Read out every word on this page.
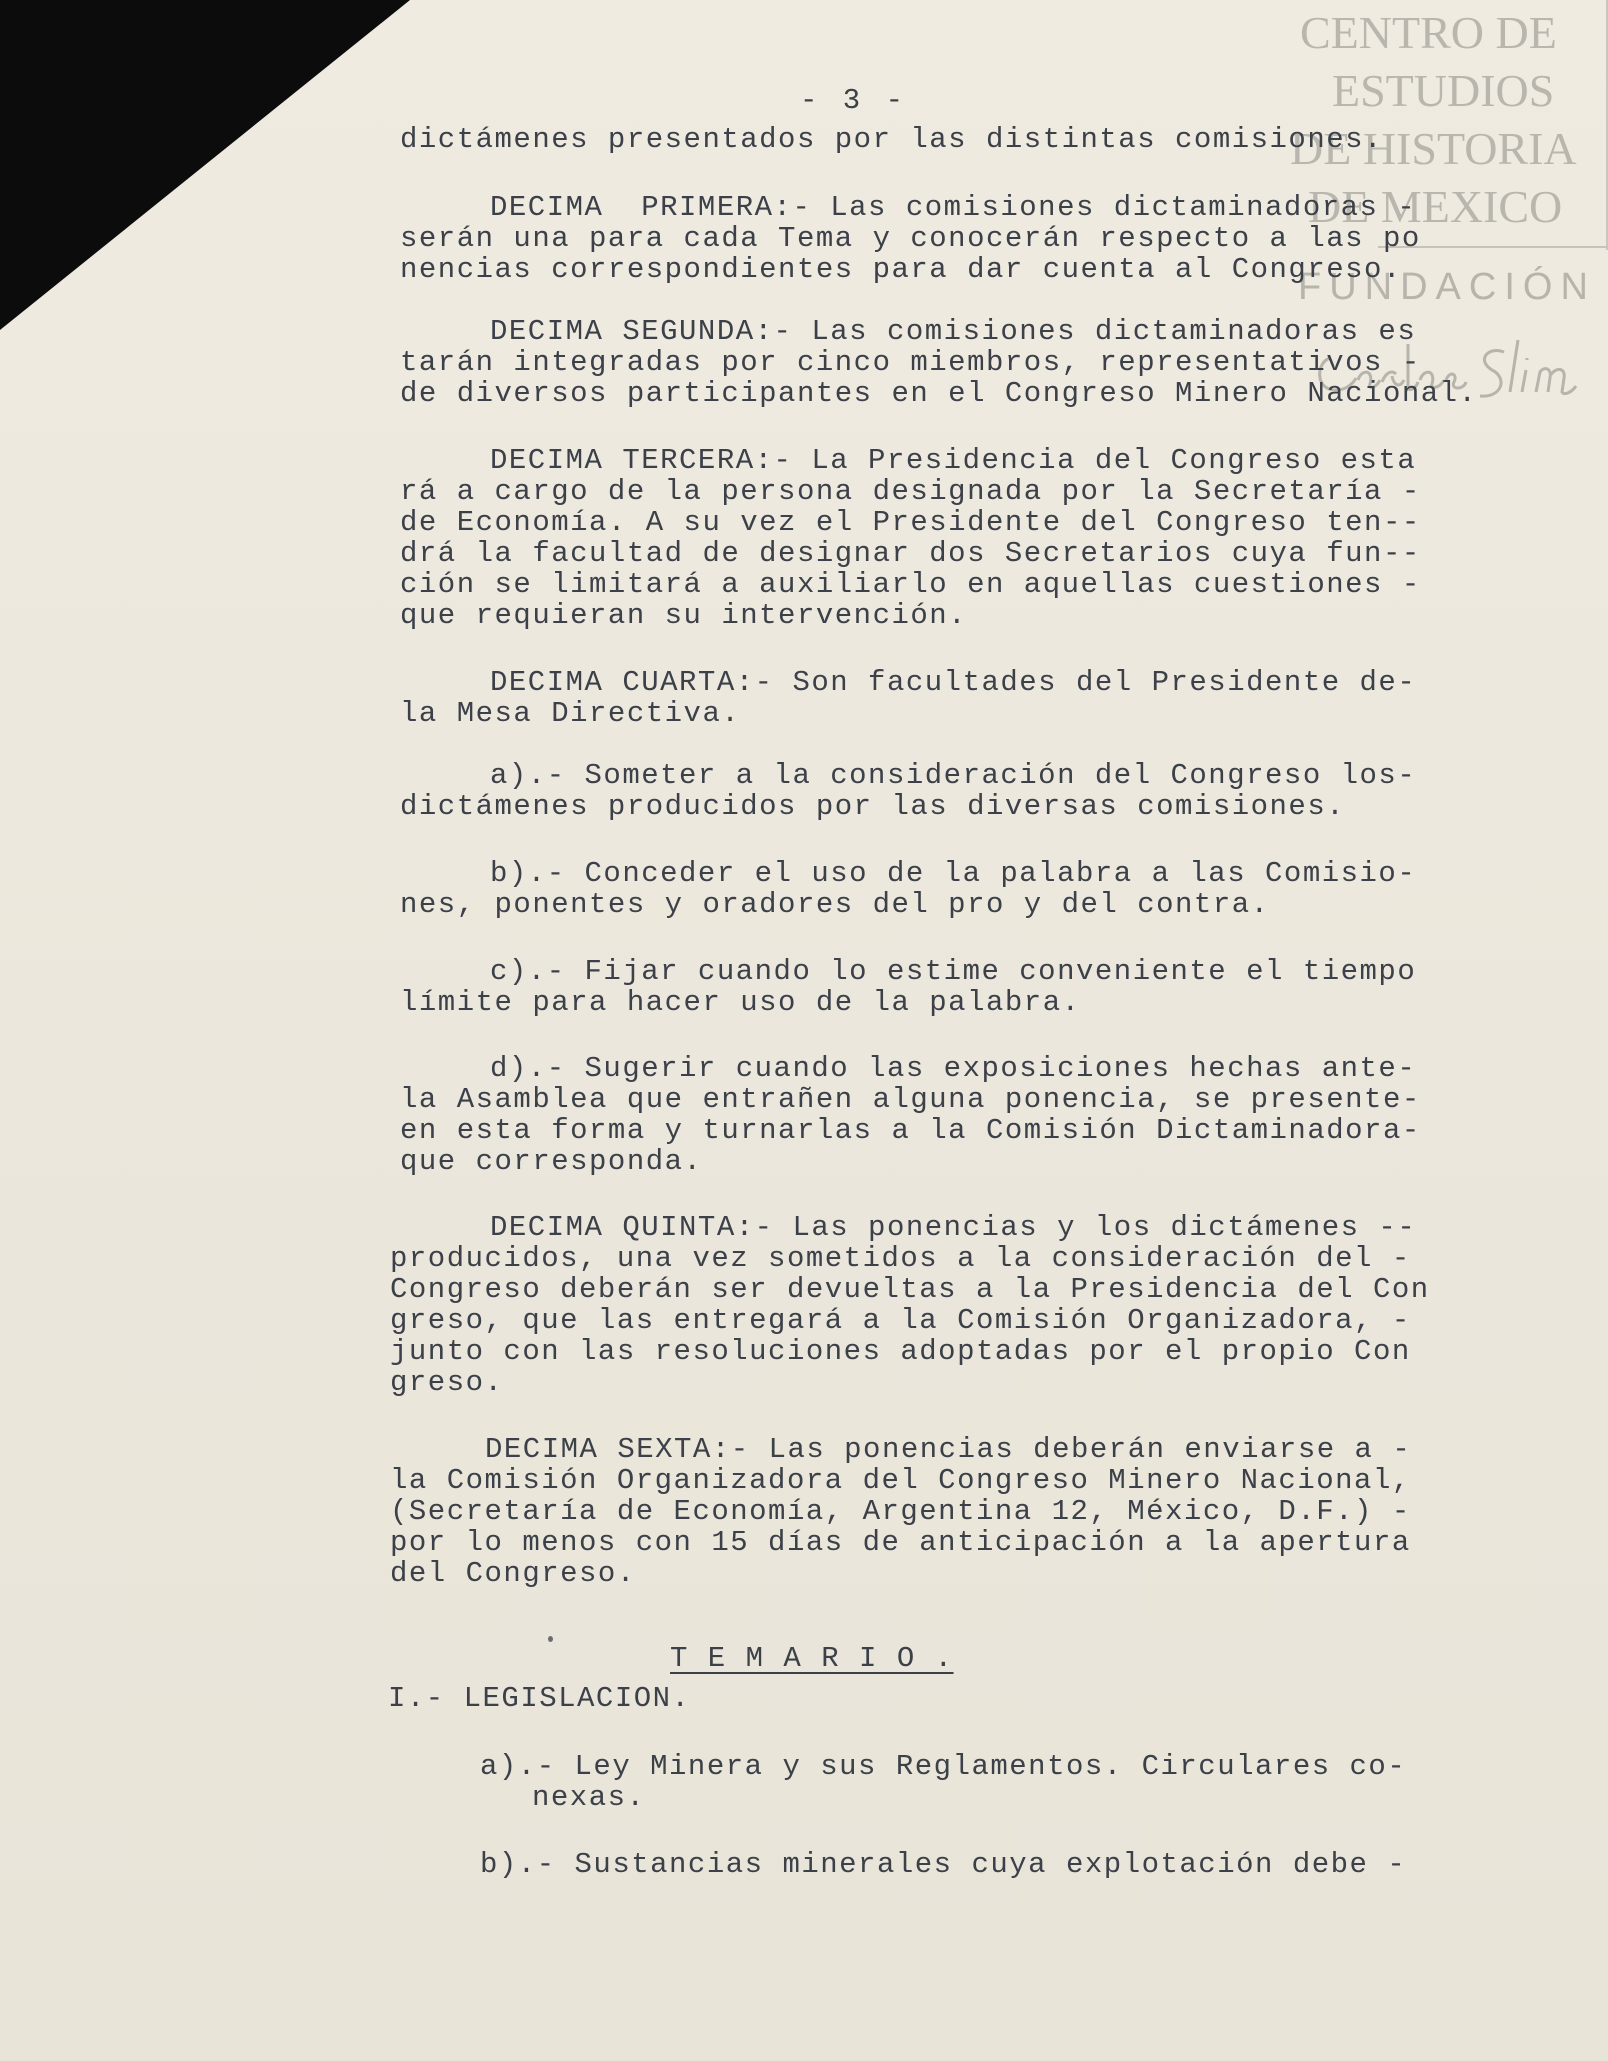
CENTRO DE
ESTUDIOS
DE HISTORIA
DE MEXICO
FUNDACIÓN
- 3 -
dictámenes presentados por las distintas comisiones.
DECIMA  PRIMERA:- Las comisiones dictaminadoras -
serán una para cada Tema y conocerán respecto a las po
nencias correspondientes para dar cuenta al Congreso.
DECIMA SEGUNDA:- Las comisiones dictaminadoras es
tarán integradas por cinco miembros, representativos -
de diversos participantes en el Congreso Minero Nacional.
DECIMA TERCERA:- La Presidencia del Congreso esta
rá a cargo de la persona designada por la Secretaría -
de Economía. A su vez el Presidente del Congreso ten--
drá la facultad de designar dos Secretarios cuya fun--
ción se limitará a auxiliarlo en aquellas cuestiones -
que requieran su intervención.
DECIMA CUARTA:- Son facultades del Presidente de-
la Mesa Directiva.
a).- Someter a la consideración del Congreso los-
dictámenes producidos por las diversas comisiones.
b).- Conceder el uso de la palabra a las Comisio-
nes, ponentes y oradores del pro y del contra.
c).- Fijar cuando lo estime conveniente el tiempo
límite para hacer uso de la palabra.
d).- Sugerir cuando las exposiciones hechas ante-
la Asamblea que entrañen alguna ponencia, se presente-
en esta forma y turnarlas a la Comisión Dictaminadora-
que corresponda.
DECIMA QUINTA:- Las ponencias y los dictámenes --
producidos, una vez sometidos a la consideración del -
Congreso deberán ser devueltas a la Presidencia del Con
greso, que las entregará a la Comisión Organizadora, -
junto con las resoluciones adoptadas por el propio Con
greso.
DECIMA SEXTA:- Las ponencias deberán enviarse a -
la Comisión Organizadora del Congreso Minero Nacional,
(Secretaría de Economía, Argentina 12, México, D.F.) -
por lo menos con 15 días de anticipación a la apertura
del Congreso.
I.- LEGISLACION.
a).- Ley Minera y sus Reglamentos. Circulares co-
nexas.
b).- Sustancias minerales cuya explotación debe -
T E M A R I O .
